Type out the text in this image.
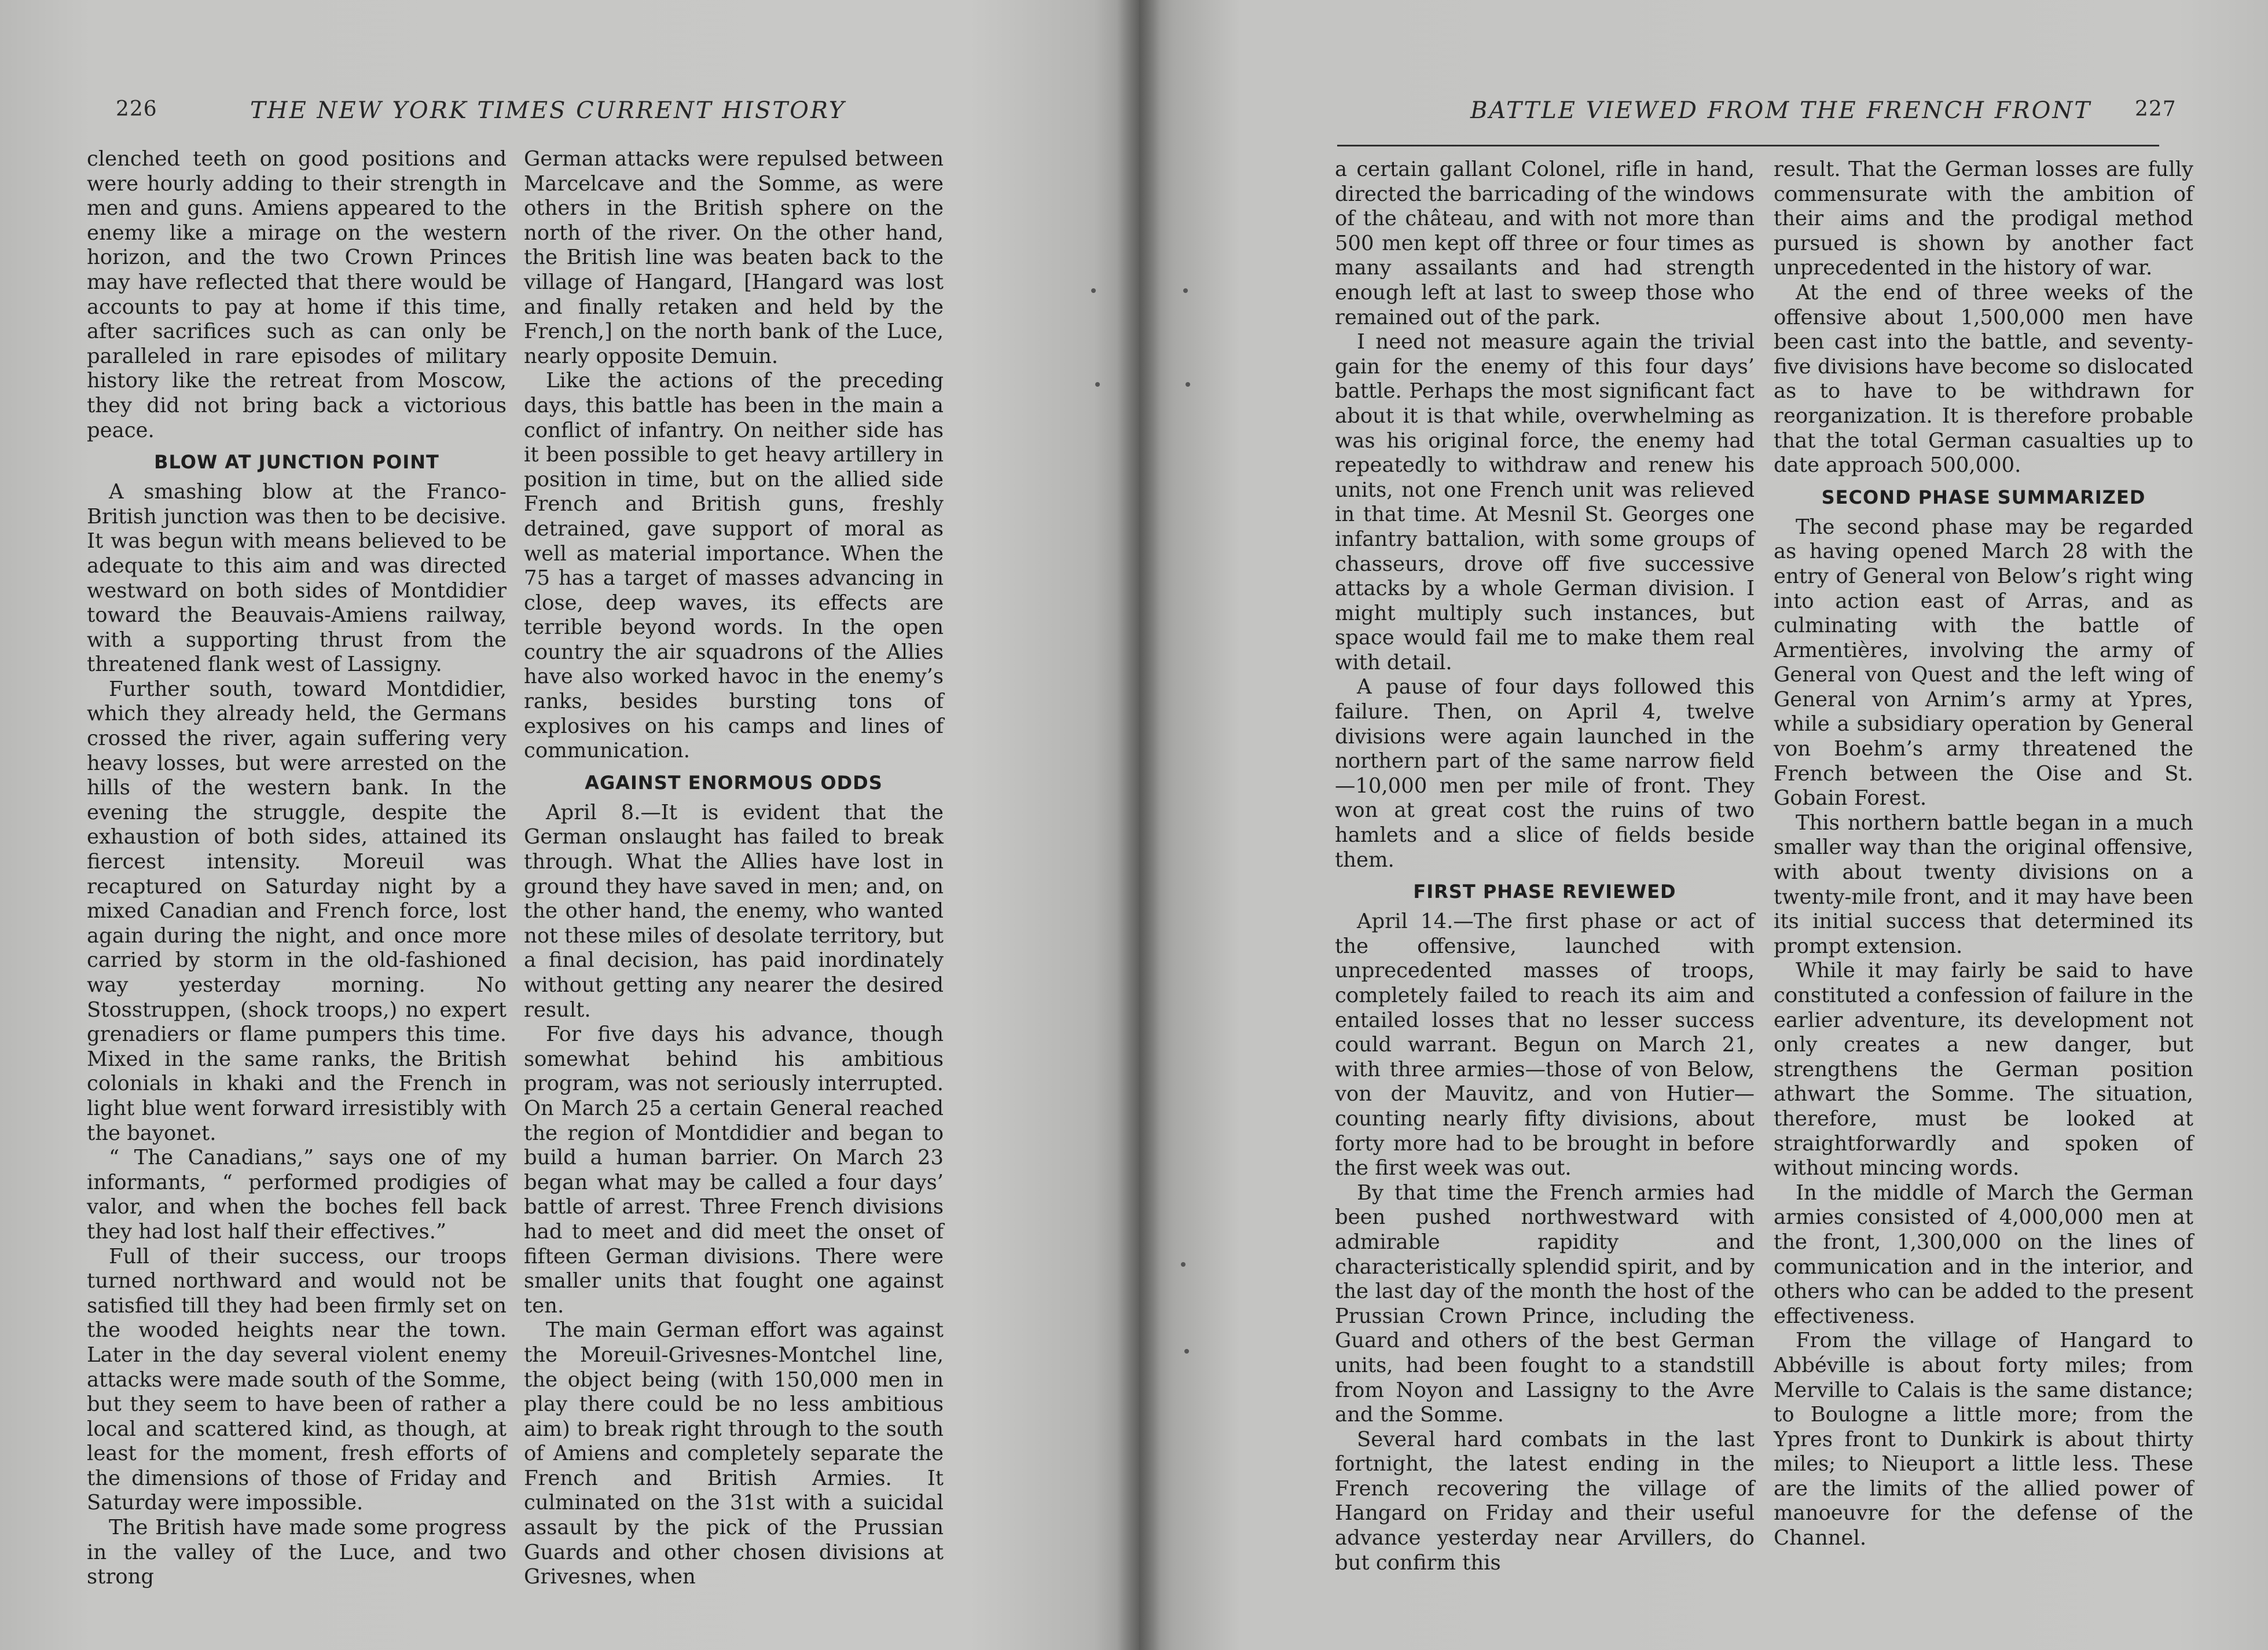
226	THE NEW YORK TIMES CURRENT HISTORY

clenched teeth on good positions and were hourly adding to their strength in men and guns. Amiens appeared to the enemy like a mirage on the western horizon, and the two Crown Princes may have reflected that there would be accounts to pay at home if this time, after sacrifices such as can only be paralleled in rare episodes of military history like the retreat from Moscow, they did not bring back a victorious peace.

BLOW AT JUNCTION POINT

A smashing blow at the Franco-British junction was then to be decisive. It was begun with means believed to be adequate to this aim and was directed westward on both sides of Montdidier toward the Beauvais-Amiens railway, with a supporting thrust from the threatened flank west of Lassigny.

Further south, toward Montdidier, which they already held, the Germans crossed the river, again suffering very heavy losses, but were arrested on the hills of the western bank. In the evening the struggle, despite the exhaustion of both sides, attained its fiercest intensity. Moreuil was recaptured on Saturday night by a mixed Canadian and French force, lost again during the night, and once more carried by storm in the old-fashioned way yesterday morning. No Stosstruppen, (shock troops,) no expert grenadiers or flame pumpers this time. Mixed in the same ranks, the British colonials in khaki and the French in light blue went forward irresistibly with the bayonet.

“ The Canadians,” says one of my informants, “ performed prodigies of valor, and when the boches fell back they had lost half their effectives.”

Full of their success, our troops turned northward and would not be satisfied till they had been firmly set on the wooded heights near the town. Later in the day several violent enemy attacks were made south of the Somme, but they seem to have been of rather a local and scattered kind, as though, at least for the moment, fresh efforts of the dimensions of those of Friday and Saturday were impossible.

The British have made some progress in the valley of the Luce, and two strong

German attacks were repulsed between Marcelcave and the Somme, as were others in the British sphere on the north of the river. On the other hand, the British line was beaten back to the village of Hangard, [Hangard was lost and finally retaken and held by the French,] on the north bank of the Luce, nearly opposite Demuin.

Like the actions of the preceding days, this battle has been in the main a conflict of infantry. On neither side has it been possible to get heavy artillery in position in time, but on the allied side French and British guns, freshly detrained, gave support of moral as well as material importance. When the 75 has a target of masses advancing in close, deep waves, its effects are terrible beyond words. In the open country the air squadrons of the Allies have also worked havoc in the enemy’s ranks, besides bursting tons of explosives on his camps and lines of communication.

AGAINST ENORMOUS ODDS

April 8.—It is evident that the German onslaught has failed to break through. What the Allies have lost in ground they have saved in men; and, on the other hand, the enemy, who wanted not these miles of desolate territory, but a final decision, has paid inordinately without getting any nearer the desired result.

For five days his advance, though somewhat behind his ambitious program, was not seriously interrupted. On March 25 a certain General reached the region of Montdidier and began to build a human barrier. On March 23 began what may be called a four days’ battle of arrest. Three French divisions had to meet and did meet the onset of fifteen German divisions. There were smaller units that fought one against ten.

The main German effort was against the Moreuil-Grivesnes-Montchel line, the object being (with 150,000 men in play there could be no less ambitious aim) to break right through to the south of Amiens and completely separate the French and British Armies. It culminated on the 31st with a suicidal assault by the pick of the Prussian Guards and other chosen divisions at Grivesnes, when

BATTLE VIEWED FROM THE FRENCH FRONT 227

a certain gallant Colonel, rifle in hand, directed the barricading of the windows of the château, and with not more than 500 men kept off three or four times as many assailants and had strength enough left at last to sweep those who remained out of the park.

I need not measure again the trivial gain for the enemy of this four days’ battle. Perhaps the most significant fact about it is that while, overwhelming as was his original force, the enemy had repeatedly to withdraw and renew his units, not one French unit was relieved in that time. At Mesnil St. Georges one infantry battalion, with some groups of chasseurs, drove off five successive attacks by a whole German division. I might multiply such instances, but space would fail me to make them real with detail.

A pause of four days followed this failure. Then, on April 4, twelve divisions were again launched in the northern part of the same narrow field—10,000 men per mile of front. They won at great cost the ruins of two hamlets and a slice of fields beside them.

FIRST PHASE REVIEWED

April 14.—The first phase or act of the offensive, launched with unprecedented masses of troops, completely failed to reach its aim and entailed losses that no lesser success could warrant. Begun on March 21, with three armies—those of von Below, von der Mauvitz, and von Hutier—counting nearly fifty divisions, about forty more had to be brought in before the first week was out.

By that time the French armies had been pushed northwestward with admirable rapidity and characteristically splendid spirit, and by the last day of the month the host of the Prussian Crown Prince, including the Guard and others of the best German units, had been fought to a standstill from Noyon and Lassigny to the Avre and the Somme.

Several hard combats in the last fortnight, the latest ending in the French recovering the village of Hangard on Friday and their useful advance yesterday near Arvillers, do but confirm this

result. That the German losses are fully commensurate with the ambition of their aims and the prodigal method pursued is shown by another fact unprecedented in the history of war.

At the end of three weeks of the offensive about 1,500,000 men have been cast into the battle, and seventy-five divisions have become so dislocated as to have to be withdrawn for reorganization. It is therefore probable that the total German casualties up to date approach 500,000.

SECOND PHASE SUMMARIZED

The second phase may be regarded as having opened March 28 with the entry of General von Below’s right wing into action east of Arras, and as culminating with the battle of Armentières, involving the army of General von Quest and the left wing of General von Arnim’s army at Ypres, while a subsidiary operation by General von Boehm’s army threatened the French between the Oise and St. Gobain Forest.

This northern battle began in a much smaller way than the original offensive, with about twenty divisions on a twenty-mile front, and it may have been its initial success that determined its prompt extension.

While it may fairly be said to have constituted a confession of failure in the earlier adventure, its development not only creates a new danger, but strengthens the German position athwart the Somme. The situation, therefore, must be looked at straightforwardly and spoken of without mincing words.

In the middle of March the German armies consisted of 4,000,000 men at the front, 1,300,000 on the lines of communication and in the interior, and others who can be added to the present effectiveness.

From the village of Hangard to Abbéville is about forty miles; from Merville to Calais is the same distance; to Boulogne a little more; from the Ypres front to Dunkirk is about thirty miles; to Nieuport a little less. These are the limits of the allied power of manoeuvre for the defense of the Channel.
